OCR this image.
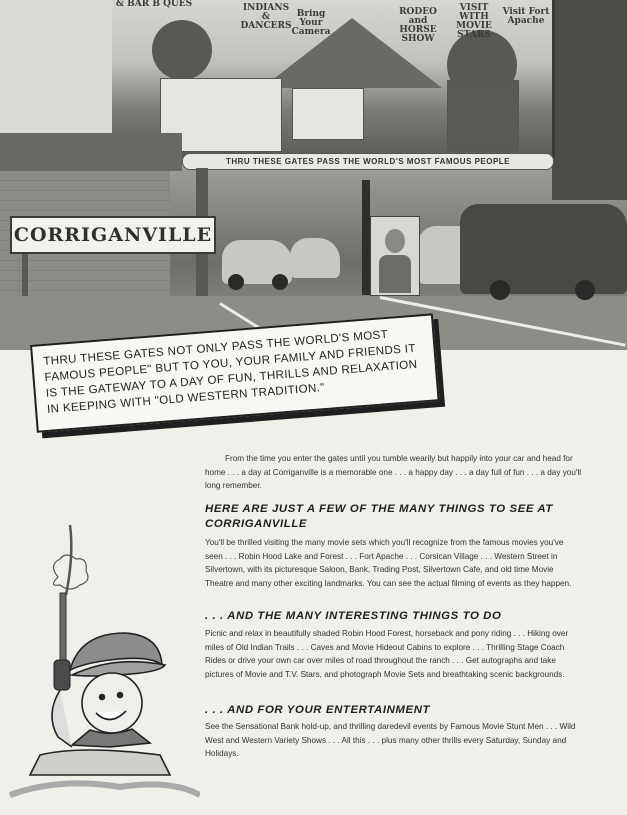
& BAR B QUES	INDIANS & DANCERS
Bring Your Camera
RODEO and HORSE SHOW
VISIT WITH MOVIE STARS
Visit Fort Apache
THRU THESE GATES PASS THE WORLD'S MOST FAMOUS PEOPLE
CORRIGANVILLE

THRU THESE GATES NOT ONLY PASS THE WORLD'S MOST FAMOUS PEOPLE" BUT TO YOU, YOUR FAMILY AND FRIENDS IT IS THE GATEWAY TO A DAY OF FUN, THRILLS AND RELAXATION IN KEEPING WITH "OLD WESTERN TRADITION."

From the time you enter the gates until you tumble wearily but happily into your car and head for home . . . a day at Corriganville is a memorable one . . . a happy day . . . a day full of fun . . . a day you'll long remember.

HERE ARE JUST A FEW OF THE MANY THINGS TO SEE AT CORRIGANVILLE

You'll be thrilled visiting the many movie sets which you'll recognize from the famous movies you've seen . . . Robin Hood Lake and Forest . . . Fort Apache . . . Corsican Village . . . Western Street in Silvertown, with its picturesque Saloon, Bank, Trading Post, Silvertown Cafe, and old time Movie Theatre and many other exciting landmarks. You can see the actual filming of events as they happen.

. . . AND THE MANY INTERESTING THINGS TO DO

Picnic and relax in beautifully shaded Robin Hood Forest, horseback and pony riding . . . Hiking over miles of Old Indian Trails . . . Caves and Movie Hideout Cabins to explore . . . Thrilling Stage Coach Rides or drive your own car over miles of road throughout the ranch . . . Get autographs and take pictures of Movie and T.V. Stars, and photograph Movie Sets and breathtaking scenic backgrounds.

. . . AND FOR YOUR ENTERTAINMENT

See the Sensational Bank hold-up, and thrilling daredevil events by Famous Movie Stunt Men . . . Wild West and Western Variety Shows . . . All this . . . plus many other thrills every Saturday, Sunday and Holidays.
